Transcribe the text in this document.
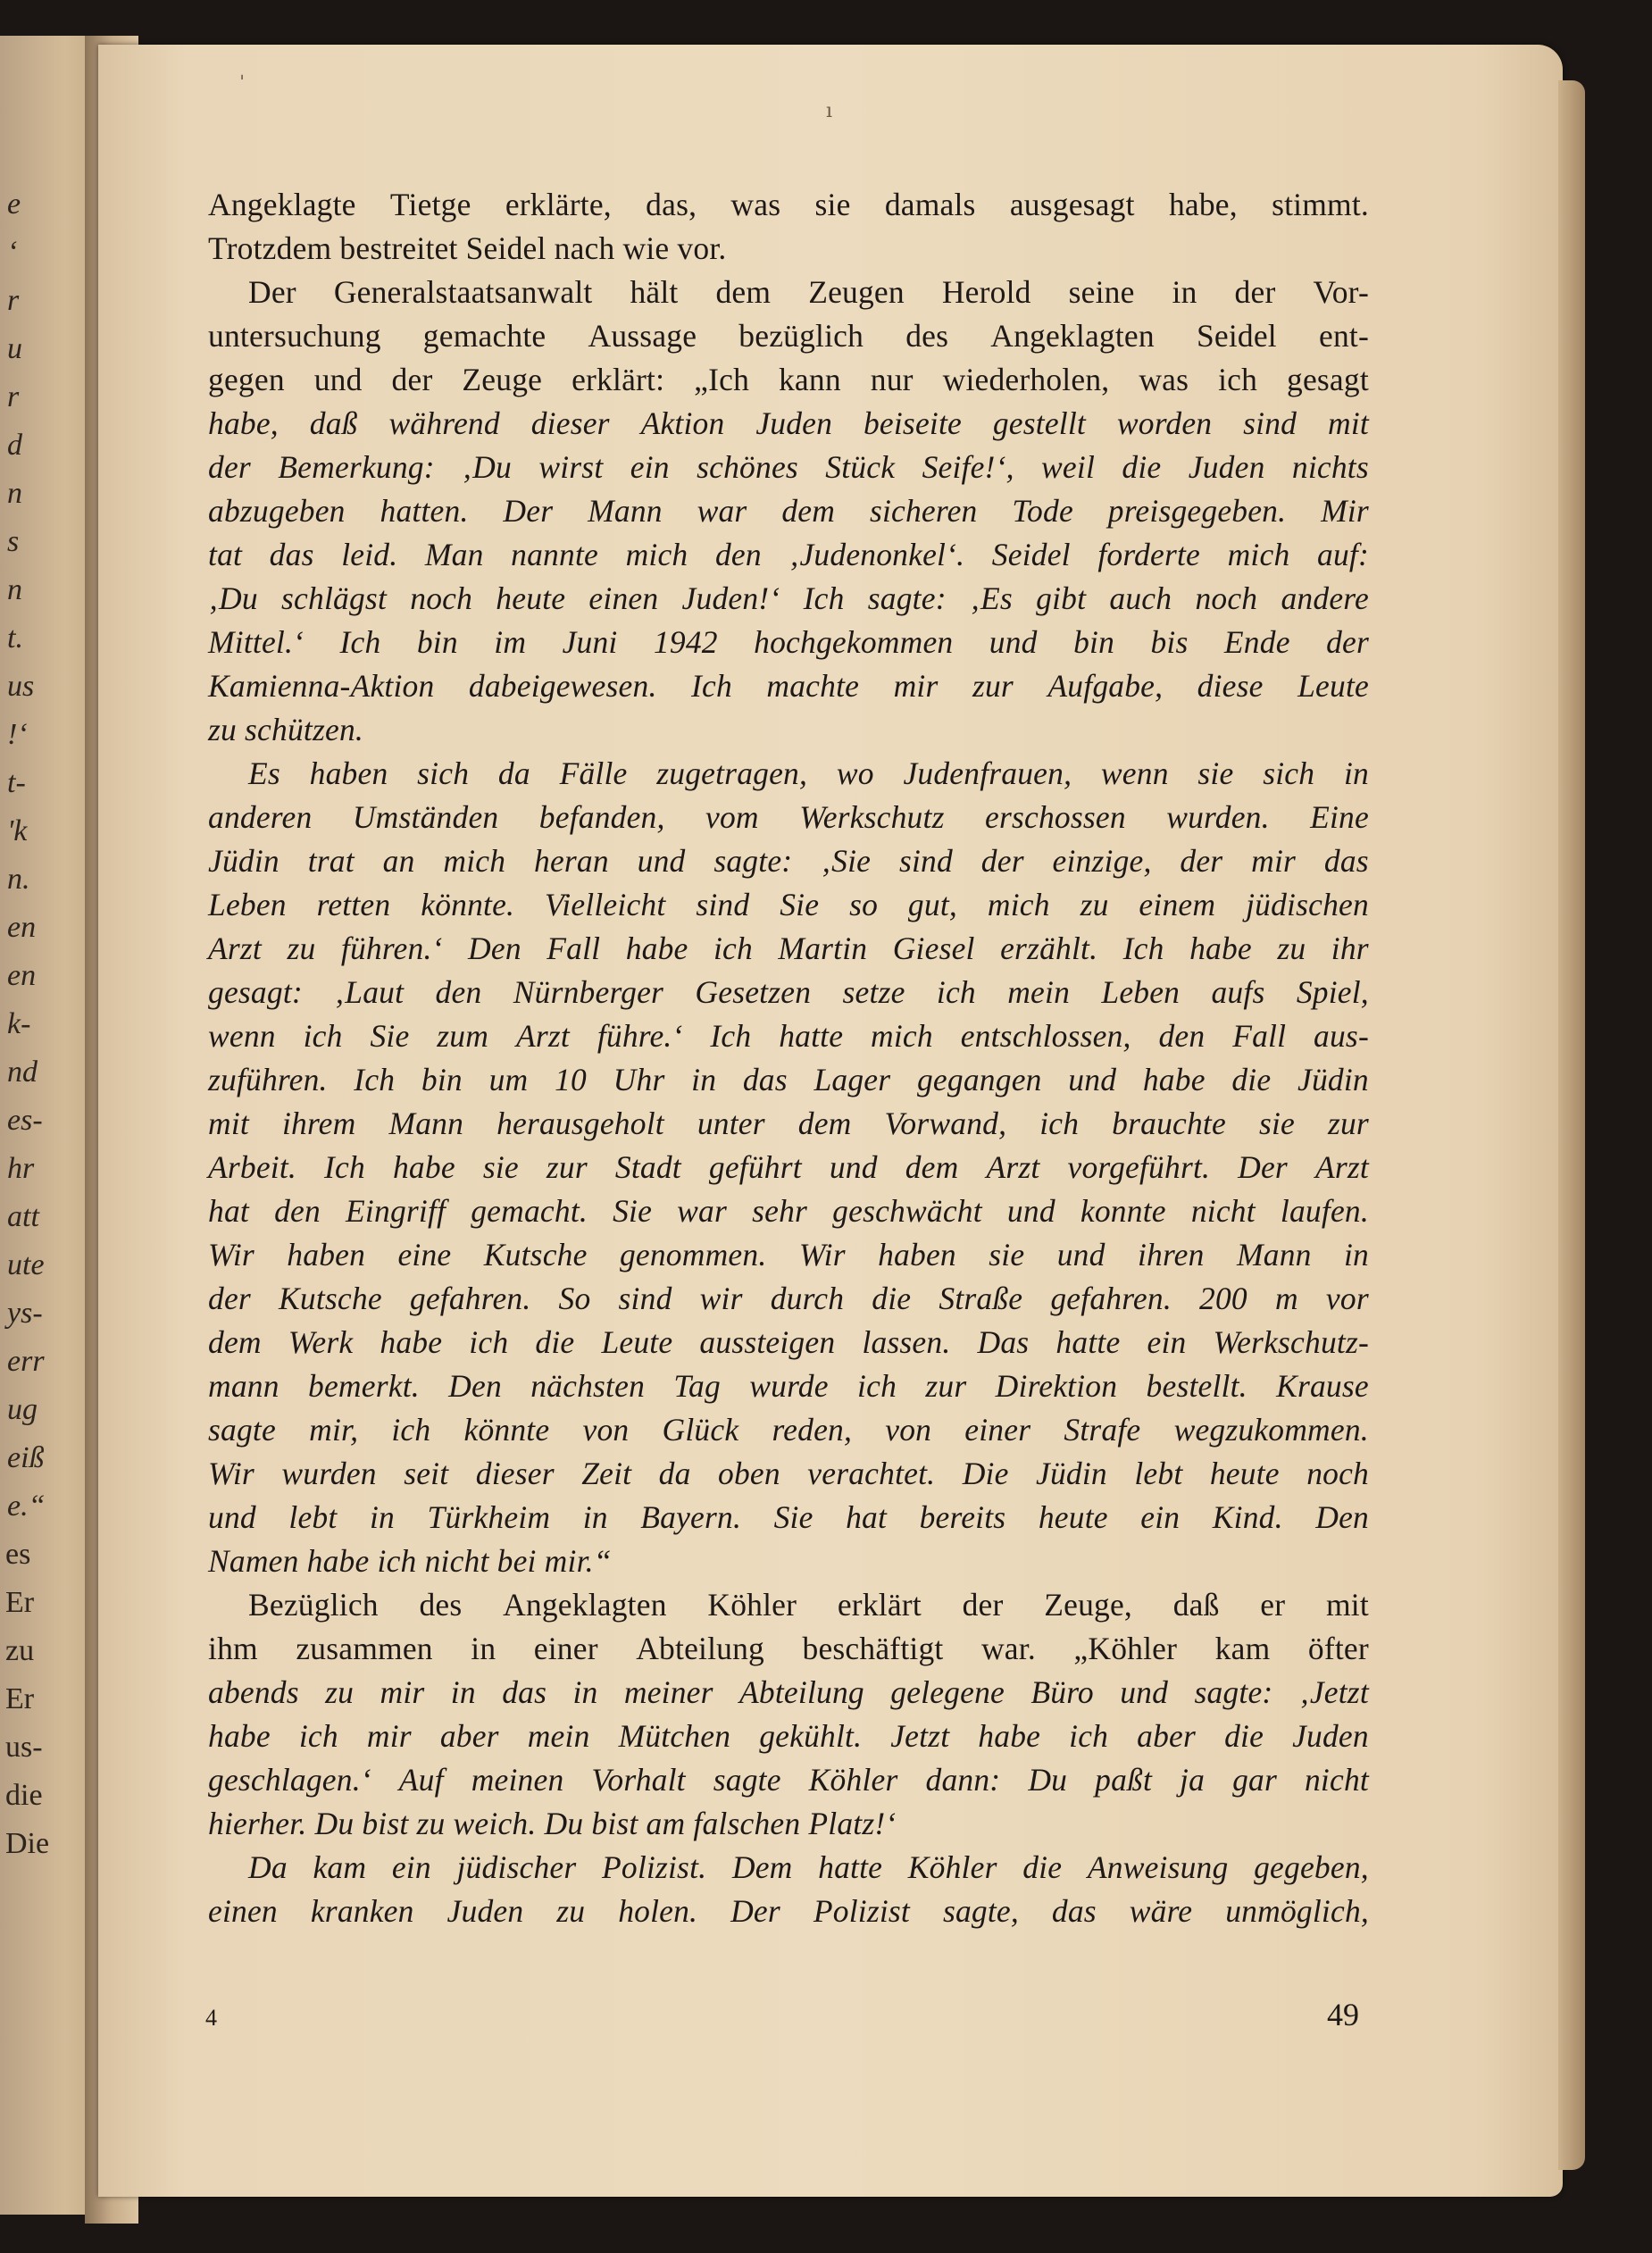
e
‘
r
u
r
d
n
s
n
t.
us
!‘
t-
'k
n.
en
en
k-
nd
es-
hr
att
ute
ys-
err
ug
eiß
e.“
es
Er
zu
Er
us-
die
Die
ˈ
ı
Angeklagte Tietge erklärte, das, was sie damals ausgesagt habe, stimmt.
Trotzdem bestreitet Seidel nach wie vor.
Der Generalstaatsanwalt hält dem Zeugen Herold seine in der Vor-
untersuchung gemachte Aussage bezüglich des Angeklagten Seidel ent-
gegen und der Zeuge erklärt: „Ich kann nur wiederholen, was ich gesagt
habe, daß während dieser Aktion Juden beiseite gestellt worden sind mit
der Bemerkung: ‚Du wirst ein schönes Stück Seife!‘, weil die Juden nichts
abzugeben hatten. Der Mann war dem sicheren Tode preisgegeben. Mir
tat das leid. Man nannte mich den ‚Judenonkel‘. Seidel forderte mich auf:
‚Du schlägst noch heute einen Juden!‘ Ich sagte: ‚Es gibt auch noch andere
Mittel.‘ Ich bin im Juni 1942 hochgekommen und bin bis Ende der
Kamienna-Aktion dabeigewesen. Ich machte mir zur Aufgabe, diese Leute
zu schützen.
Es haben sich da Fälle zugetragen, wo Judenfrauen, wenn sie sich in
anderen Umständen befanden, vom Werkschutz erschossen wurden. Eine
Jüdin trat an mich heran und sagte: ‚Sie sind der einzige, der mir das
Leben retten könnte. Vielleicht sind Sie so gut, mich zu einem jüdischen
Arzt zu führen.‘ Den Fall habe ich Martin Giesel erzählt. Ich habe zu ihr
gesagt: ‚Laut den Nürnberger Gesetzen setze ich mein Leben aufs Spiel,
wenn ich Sie zum Arzt führe.‘ Ich hatte mich entschlossen, den Fall aus-
zuführen. Ich bin um 10 Uhr in das Lager gegangen und habe die Jüdin
mit ihrem Mann herausgeholt unter dem Vorwand, ich brauchte sie zur
Arbeit. Ich habe sie zur Stadt geführt und dem Arzt vorgeführt. Der Arzt
hat den Eingriff gemacht. Sie war sehr geschwächt und konnte nicht laufen.
Wir haben eine Kutsche genommen. Wir haben sie und ihren Mann in
der Kutsche gefahren. So sind wir durch die Straße gefahren. 200 m vor
dem Werk habe ich die Leute aussteigen lassen. Das hatte ein Werkschutz-
mann bemerkt. Den nächsten Tag wurde ich zur Direktion bestellt. Krause
sagte mir, ich könnte von Glück reden, von einer Strafe wegzukommen.
Wir wurden seit dieser Zeit da oben verachtet. Die Jüdin lebt heute noch
und lebt in Türkheim in Bayern. Sie hat bereits heute ein Kind. Den
Namen habe ich nicht bei mir.“
Bezüglich des Angeklagten Köhler erklärt der Zeuge, daß er mit
ihm zusammen in einer Abteilung beschäftigt war. „Köhler kam öfter
abends zu mir in das in meiner Abteilung gelegene Büro und sagte: ‚Jetzt
habe ich mir aber mein Mütchen gekühlt. Jetzt habe ich aber die Juden
geschlagen.‘ Auf meinen Vorhalt sagte Köhler dann: Du paßt ja gar nicht
hierher. Du bist zu weich. Du bist am falschen Platz!‘
Da kam ein jüdischer Polizist. Dem hatte Köhler die Anweisung gegeben,
einen kranken Juden zu holen. Der Polizist sagte, das wäre unmöglich,
4	49
